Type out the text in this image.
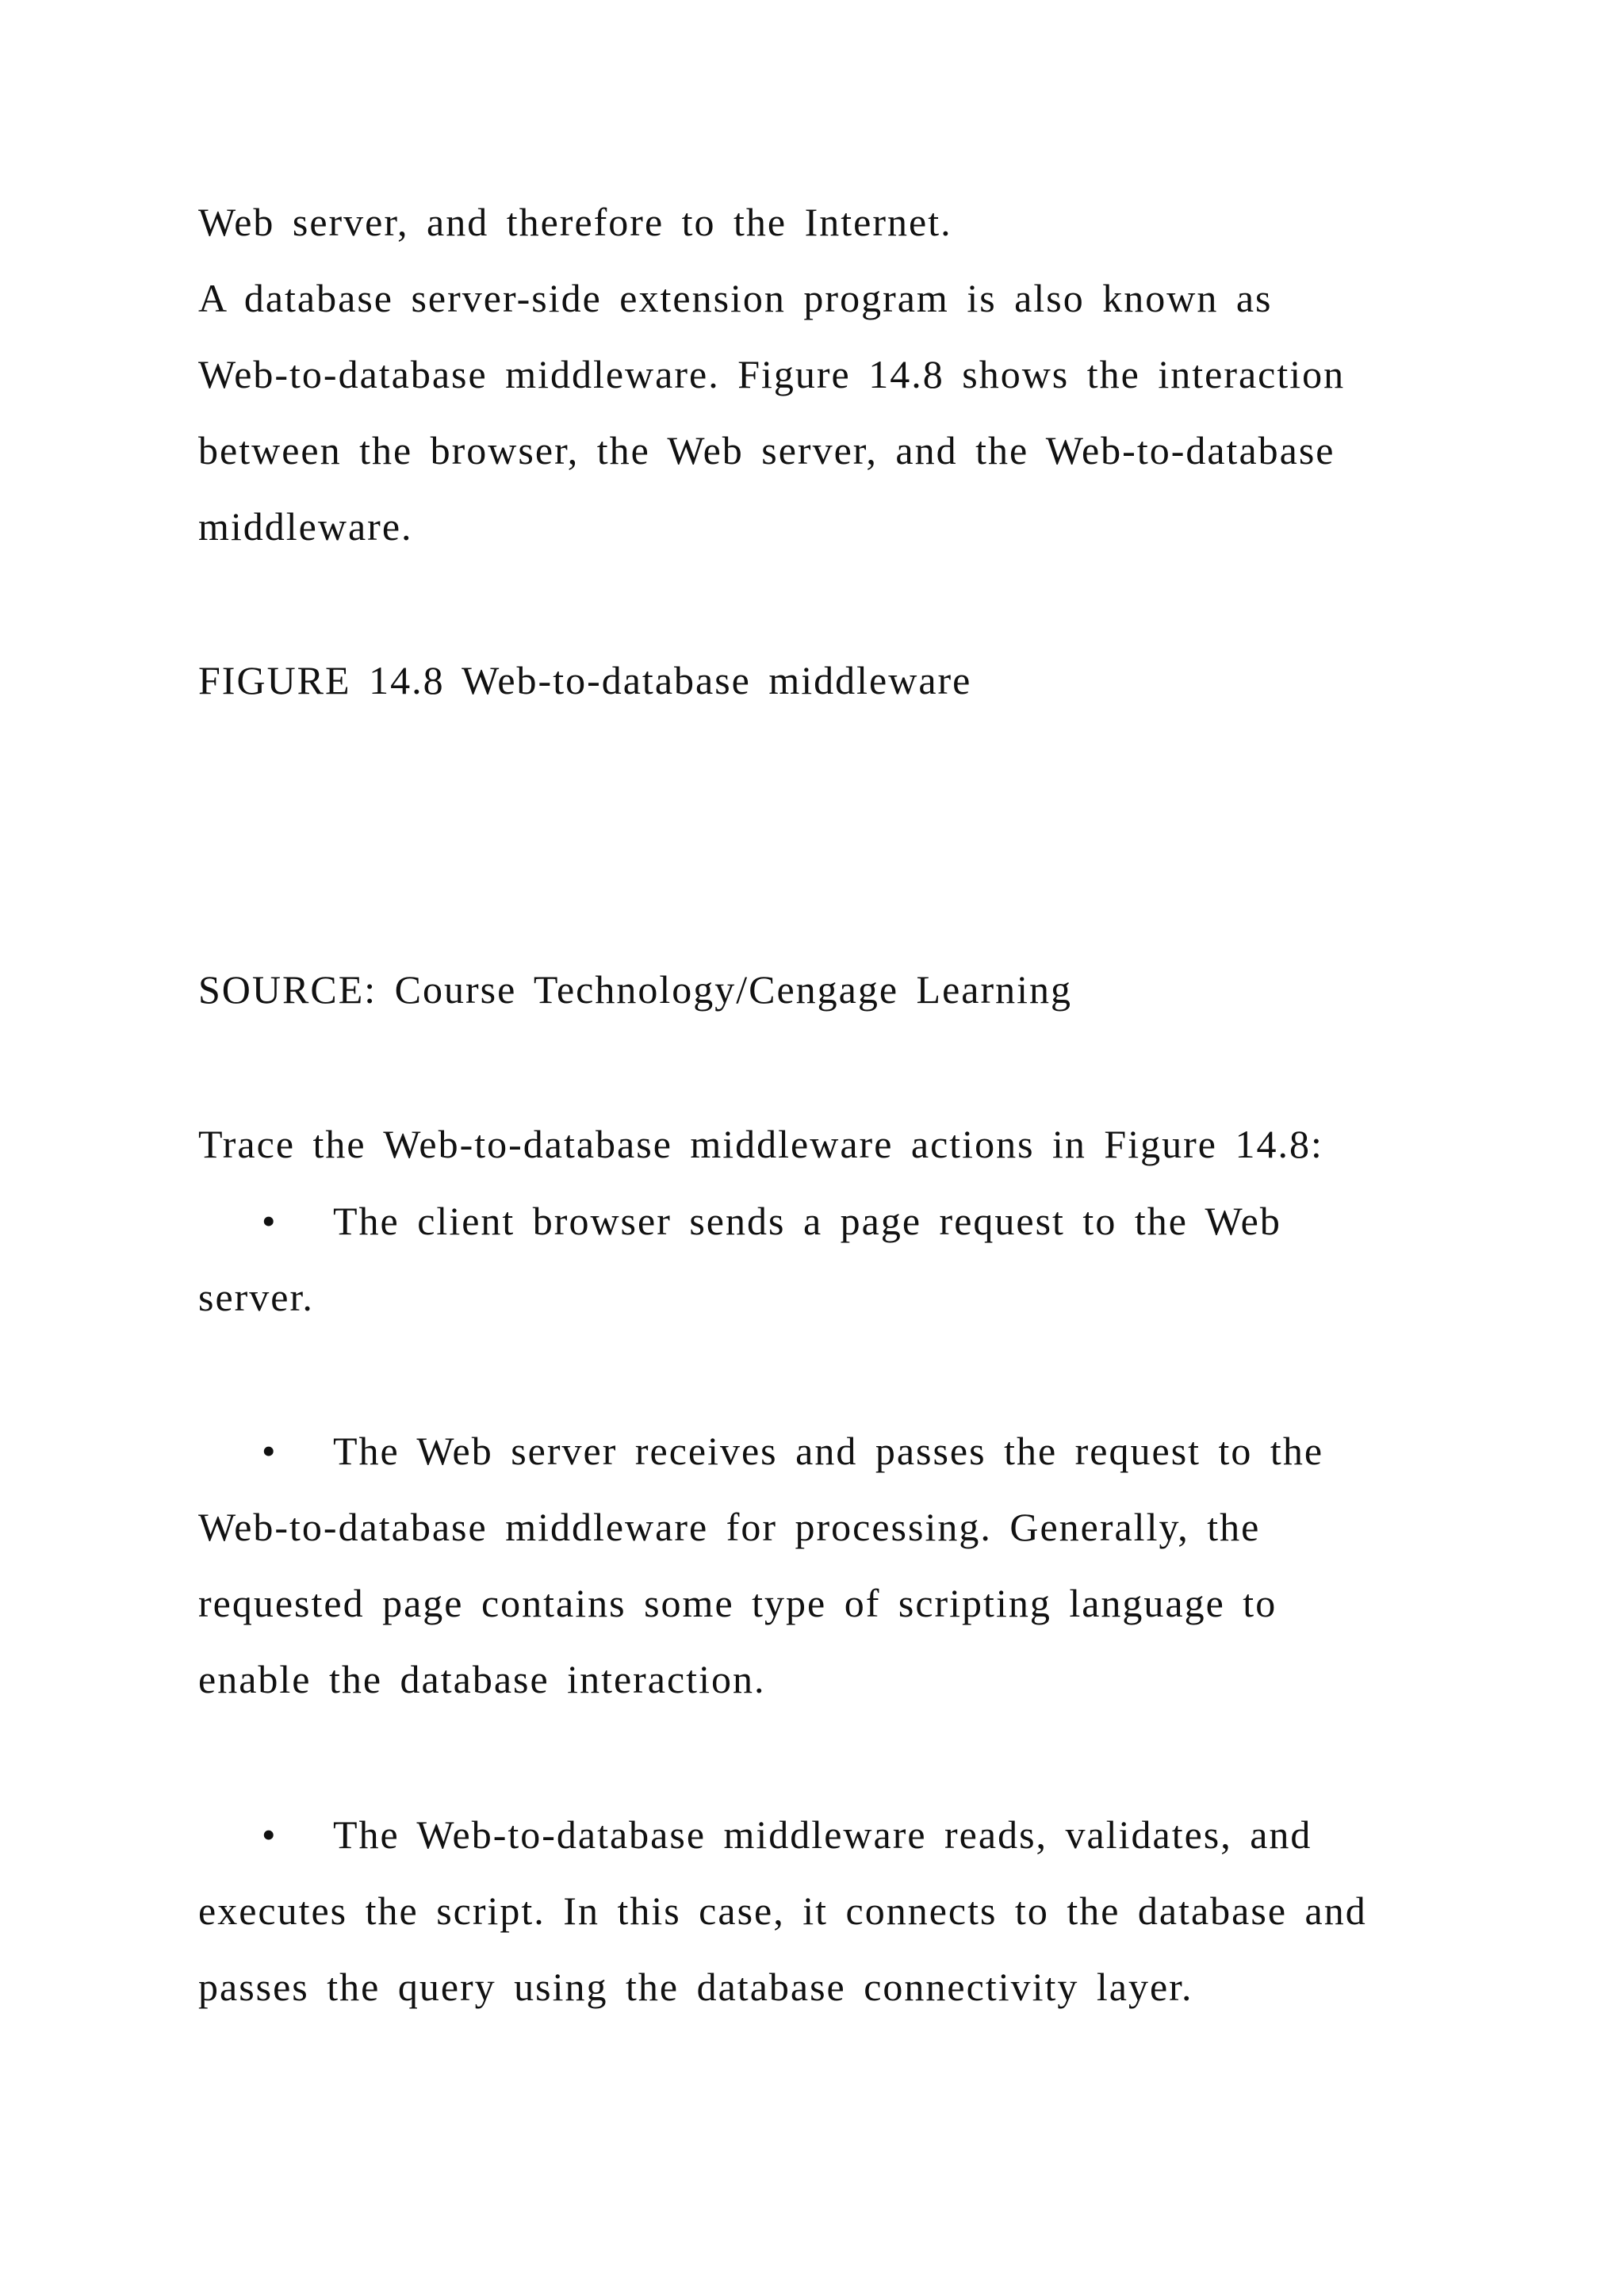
Web server, and therefore to the Internet.
A database server-side extension program is also known as
Web-to-database middleware. Figure 14.8 shows the interaction
between the browser, the Web server, and the Web-to-database
middleware.
FIGURE 14.8 Web-to-database middleware
SOURCE: Course Technology/Cengage Learning
Trace the Web-to-database middleware actions in Figure 14.8:
• The client browser sends a page request to the Web
server.
• The Web server receives and passes the request to the
Web-to-database middleware for processing. Generally, the
requested page contains some type of scripting language to
enable the database interaction.
• The Web-to-database middleware reads, validates, and
executes the script. In this case, it connects to the database and
passes the query using the database connectivity layer.
